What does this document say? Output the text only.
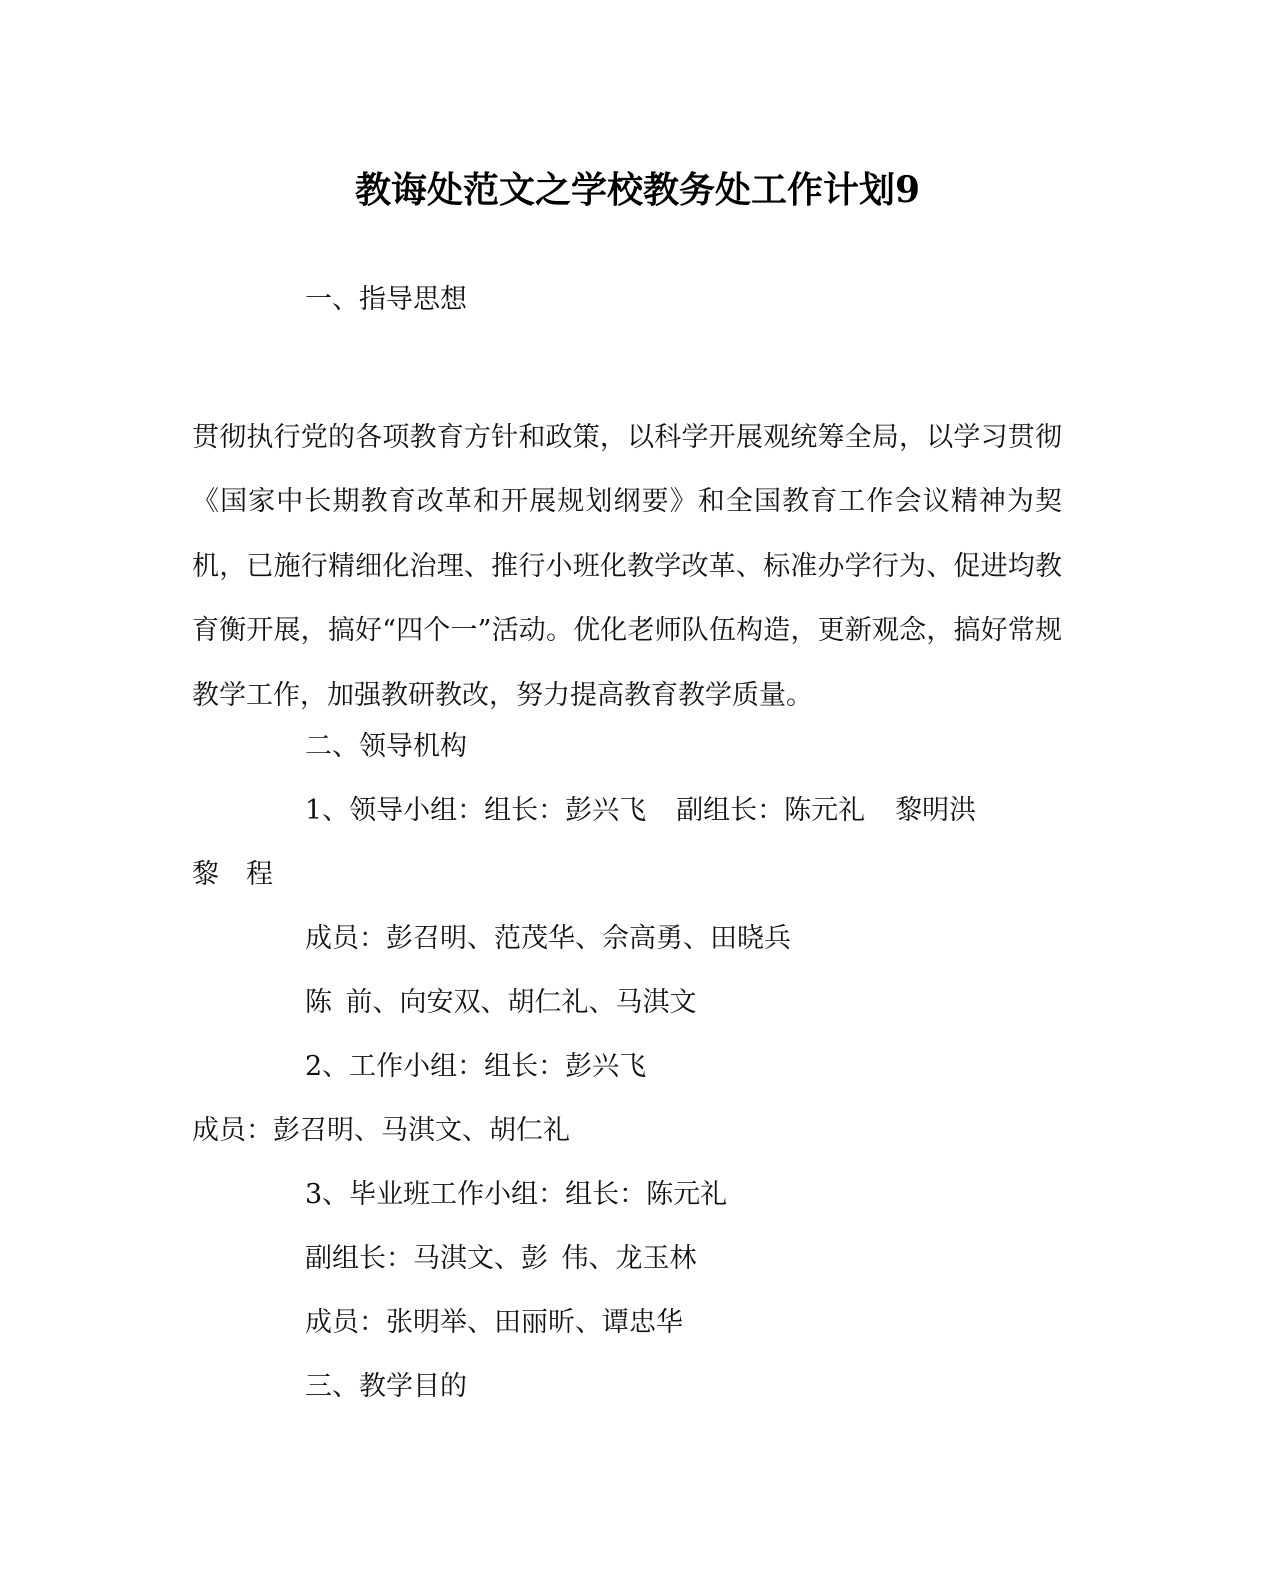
教诲处范文之学校教务处工作计划9
一、指导思想
贯彻执行党的各项教育方针和政策，以科学开展观统筹全局，以学习贯彻《国家中长期教育改革和开展规划纲要》和全国教育工作会议精神为契机，已施行精细化治理、推行小班化教学改革、标准办学行为、促进均教育衡开展，搞好“四个一”活动。优化老师队伍构造，更新观念，搞好常规教学工作，加强教研教改，努力提高教育教学质量。
二、领导机构
1、领导小组：组长：彭兴飞 副组长：陈元礼 黎明洪
黎　程
成员：彭召明、范茂华、佘高勇、田晓兵
陈 前、向安双、胡仁礼、马淇文
2、工作小组：组长：彭兴飞
成员：彭召明、马淇文、胡仁礼
3、毕业班工作小组：组长：陈元礼
副组长：马淇文、彭 伟、龙玉林
成员：张明举、田丽昕、谭忠华
三、教学目的
